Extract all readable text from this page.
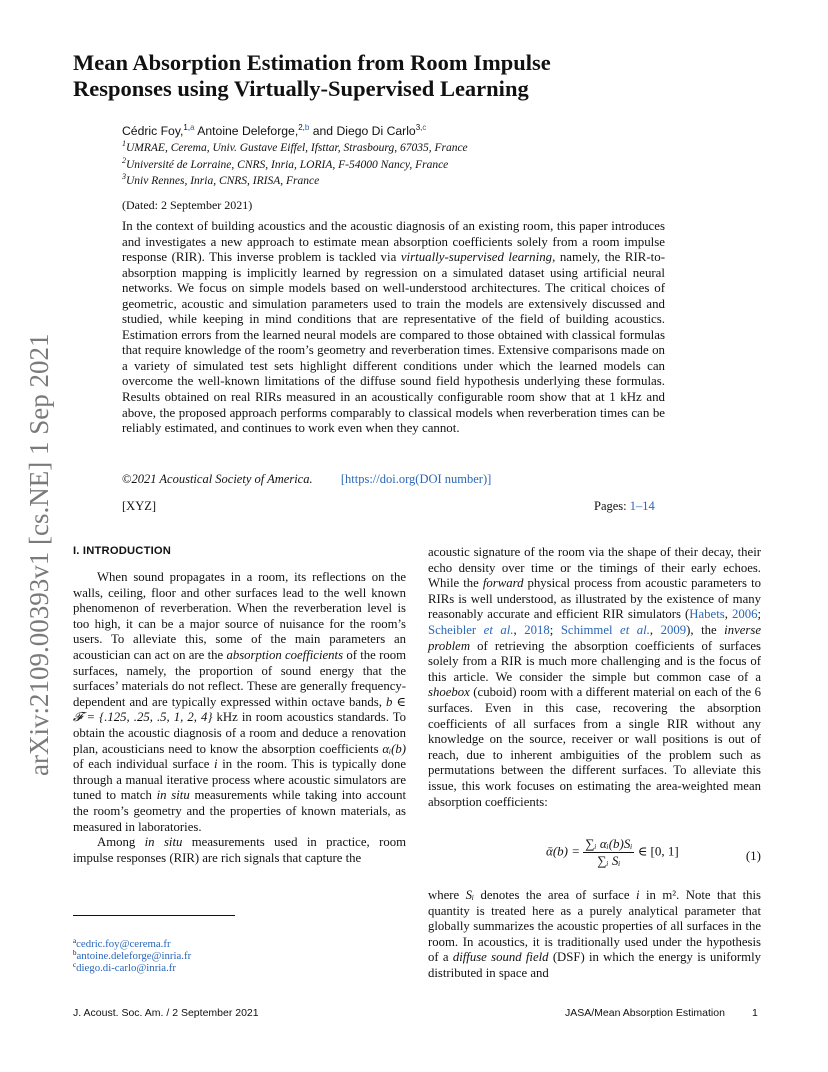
Mean Absorption Estimation from Room Impulse
Responses using Virtually-Supervised Learning
Cédric Foy,$^{1,a}$ Antoine Deleforge,$^{2,b}$ and Diego Di Carlo$^{3,c}$
$^1$UMRAE, Cerema, Univ. Gustave Eiffel, Ifsttar, Strasbourg, 67035, France
$^2$Université de Lorraine, CNRS, Inria, LORIA, F-54000 Nancy, France
$^3$Univ Rennes, Inria, CNRS, IRISA, France
(Dated: 2 September 2021)

In the context of building acoustics and the acoustic diagnosis of an existing room, this paper introduces and investigates a new approach to estimate mean absorption coefficients solely from a room impulse response (RIR). This inverse problem is tackled via virtually-supervised learning, namely, the RIR-to-absorption mapping is implicitly learned by regression on a simulated dataset using artificial neural networks. We focus on simple models based on well-understood architectures. The critical choices of geometric, acoustic and simulation parameters used to train the models are extensively discussed and studied, while keeping in mind conditions that are representative of the field of building acoustics. Estimation errors from the learned neural models are compared to those obtained with classical formulas that require knowledge of the room’s geometry and reverberation times. Extensive comparisons made on a variety of simulated test sets highlight different conditions under which the learned models can overcome the well-known limitations of the diffuse sound field hypothesis underlying these formulas. Results obtained on real RIRs measured in an acoustically configurable room show that at 1 kHz and above, the proposed approach performs comparably to classical models when reverberation times can be reliably estimated, and continues to work even when they cannot.

©2021 Acoustical Society of America. [https://doi.org(DOI number)]
[XYZ]	Pages: 1–14
arXiv:2109.00393v1 [cs.NE] 1 Sep 2021 I. INTRODUCTION

When sound propagates in a room, its reflections on the walls, ceiling, floor and other surfaces lead to the well known phenomenon of reverberation. When the reverberation level is too high, it can be a major source of nuisance for the room’s users. To alleviate this, some of the main parameters an acoustician can act on are the absorption coefficients of the room surfaces, namely, the proportion of sound energy that the surfaces’ materials do not reflect. These are generally frequency-dependent and are typically expressed within octave bands, b ∈ 𝓕 = {.125, .25, .5, 1, 2, 4} kHz in room acoustics standards. To obtain the acoustic diagnosis of a room and deduce a renovation plan, acousticians need to know the absorption coefficients αᵢ(b) of each individual surface i in the room. This is typically done through a manual iterative process where acoustic simulators are tuned to match in situ measurements while taking into account the room’s geometry and the properties of known materials, as measured in laboratories.

Among in situ measurements used in practice, room impulse responses (RIR) are rich signals that capture the

acoustic signature of the room via the shape of their decay, their echo density over time or the timings of their early echoes. While the forward physical process from acoustic parameters to RIRs is well understood, as illustrated by the existence of many reasonably accurate and efficient RIR simulators (Habets, 2006; Scheibler et al., 2018; Schimmel et al., 2009), the inverse problem of retrieving the absorption coefficients of surfaces solely from a RIR is much more challenging and is the focus of this article. We consider the simple but common case of a shoebox (cuboid) room with a different material on each of the 6 surfaces. Even in this case, recovering the absorption coefficients of all surfaces from a single RIR without any knowledge on the source, receiver or wall positions is out of reach, due to inherent ambiguities of the problem such as permutations between the different surfaces. To alleviate this issue, this work focuses on estimating the area-weighted mean absorption coefficients:

ᾱ(b) = $\frac{\text{∑ᵢ αᵢ(b)Sᵢ}}{\text{∑ᵢ Sᵢ}}$ ∈ [0, 1]	(1)

where Sᵢ denotes the area of surface i in m². Note that this quantity is treated here as a purely analytical parameter that globally summarizes the acoustic properties of all surfaces in the room. In acoustics, it is traditionally used under the hypothesis of a diffuse sound field (DSF) in which the energy is uniformly distributed in space and

$^a$cedric.foy@cerema.fr
$^b$antoine.deleforge@inria.fr
$^c$diego.di-carlo@inria.fr
J. Acoust. Soc. Am. / 2 September 2021	JASA/Mean Absorption Estimation	1
